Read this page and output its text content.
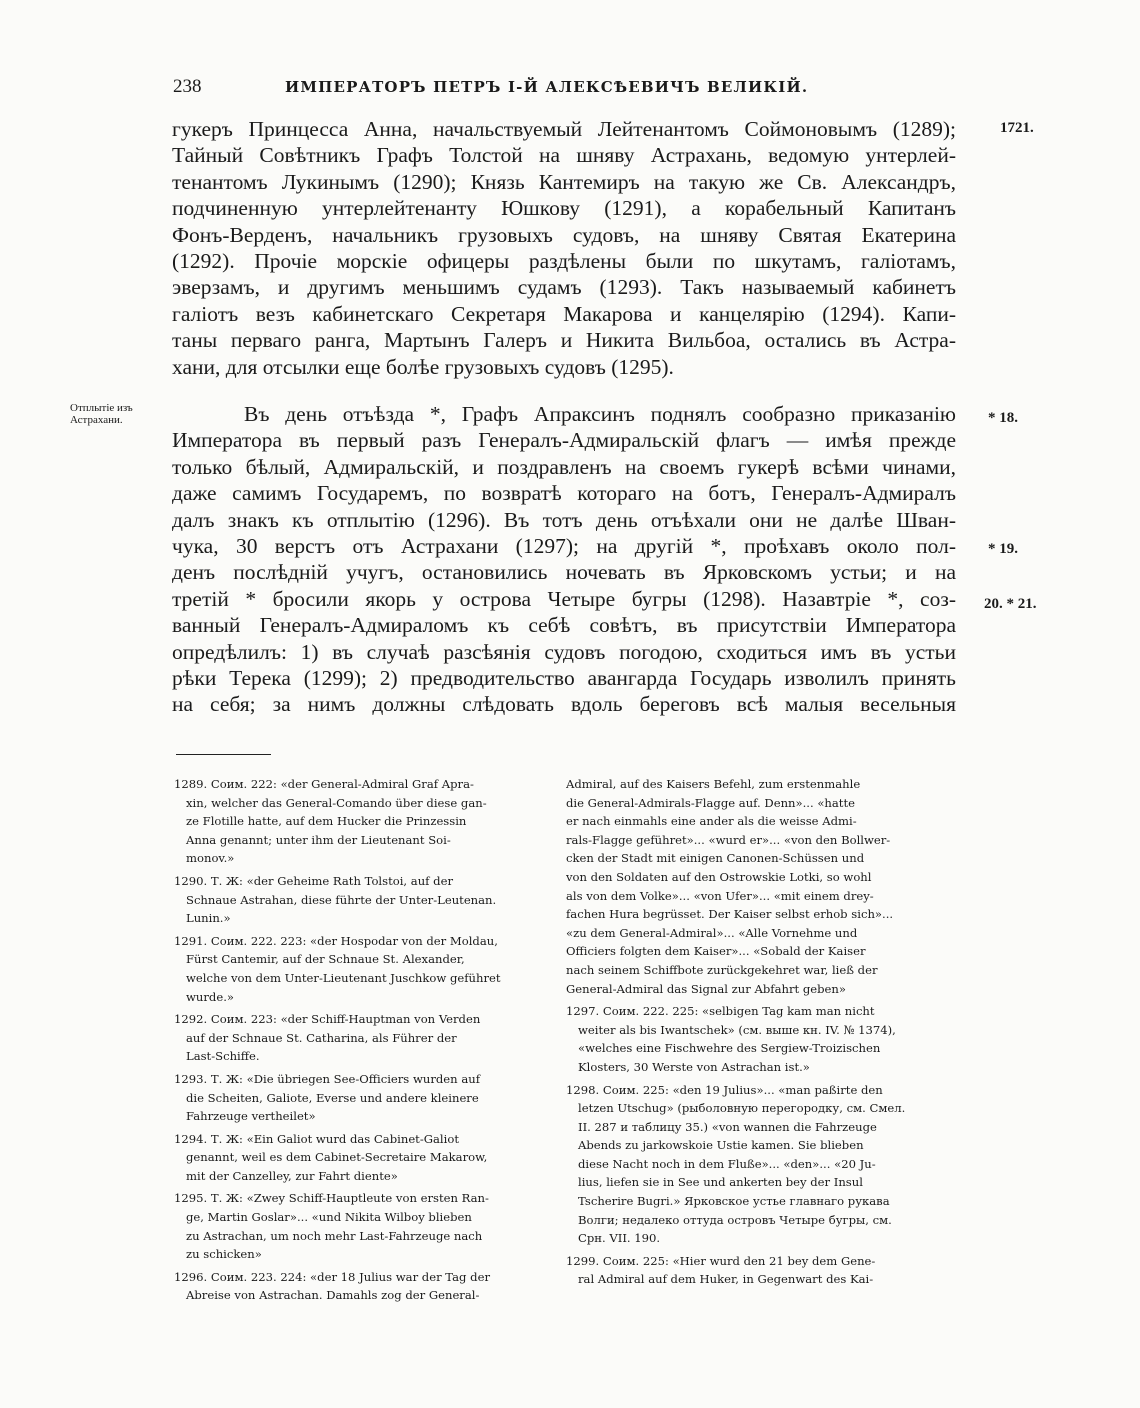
238	ИМПЕРАТОРЪ ПЕТРЪ I-Й АЛЕКСѢЕВИЧЪ ВЕЛИКІЙ.
1721.
* 18.
* 19.
20. * 21.
Отплытіе изъ
Астрахани.
гукеръ Принцесса Анна, начальствуемый Лейтенантомъ Соймоновымъ (1289);
Тайный Совѣтникъ Графъ Толстой на шняву Астрахань, ведомую унтерлей-
тенантомъ Лукинымъ (1290); Князь Кантемиръ на такую же Св. Александръ,
подчиненную унтерлейтенанту Юшкову (1291), а корабельный Капитанъ
Фонъ-Верденъ, начальникъ грузовыхъ судовъ, на шняву Святая Екатерина
(1292). Прочіе морскіе офицеры раздѣлены были по шкутамъ, галіотамъ,
эверзамъ, и другимъ меньшимъ судамъ (1293). Такъ называемый кабинетъ
галіотъ везъ кабинетскаго Секретаря Макарова и канцелярію (1294). Капи-
таны перваго ранга, Мартынъ Галеръ и Никита Вильбоа, остались въ Астра-
хани, для отсылки еще болѣе грузовыхъ судовъ (1295).
Въ день отъѣзда *, Графъ Апраксинъ поднялъ сообразно приказанію
Императора въ первый разъ Генералъ-Адмиральскій флагъ — имѣя прежде
только бѣлый, Адмиральскій, и поздравленъ на своемъ гукерѣ всѣми чинами,
даже самимъ Государемъ, по возвратѣ котораго на ботъ, Генералъ-Адмиралъ
далъ знакъ къ отплытію (1296). Въ тотъ день отъѣхали они не далѣе Шван-
чука, 30 верстъ отъ Астрахани (1297); на другій *, проѣхавъ около пол-
денъ послѣдній учугъ, остановились ночевать въ Ярковскомъ устьи; и на
третій * бросили якорь у острова Четыре бугры (1298). Назавтріе *, соз-
ванный Генералъ-Адмираломъ къ себѣ совѣтъ, въ присутствіи Императора
опредѣлилъ: 1) въ случаѣ разсѣянія судовъ погодою, сходиться имъ въ устьи
рѣки Терека (1299); 2) предводительство авангарда Государь изволилъ принять
на себя; за нимъ должны слѣдовать вдоль береговъ всѣ малыя весельныя
1289. Соим. 222: «der General-Admiral Graf Apra-
xin, welcher das General-Comando über diese gan-
ze Flotille hatte, auf dem Hucker die Prinzessin
Anna genannt; unter ihm der Lieutenant Soi-
monov.»
1290. Т. Ж: «der Geheime Rath Tolstoi, auf der
Schnaue Astrahan, diese führte der Unter-Leutenan.
Lunin.»
1291. Соим. 222. 223: «der Hospodar von der Moldau,
Fürst Cantemir, auf der Schnaue St. Alexander,
welche von dem Unter-Lieutenant Juschkow geführet
wurde.»
1292. Соим. 223: «der Schiff-Hauptman von Verden
auf der Schnaue St. Catharina, als Führer der
Last-Schiffe.
1293. Т. Ж: «Die übriegen See-Officiers wurden auf
die Scheiten, Galiote, Everse und andere kleinere
Fahrzeuge vertheilet»
1294. Т. Ж: «Ein Galiot wurd das Cabinet-Galiot
genannt, weil es dem Cabinet-Secretaire Makarow,
mit der Canzelley, zur Fahrt diente»
1295. Т. Ж: «Zwey Schiff-Hauptleute von ersten Ran-
ge, Martin Goslar»... «und Nikita Wilboy blieben
zu Astrachan, um noch mehr Last-Fahrzeuge nach
zu schicken»
1296. Соим. 223. 224: «der 18 Julius war der Tag der
Abreise von Astrachan. Damahls zog der General-
Admiral, auf des Kaisers Befehl, zum erstenmahle
die General-Admirals-Flagge auf. Denn»... «hatte
er nach einmahls eine ander als die weisse Admi-
rals-Flagge geführet»... «wurd er»... «von den Bollwer-
cken der Stadt mit einigen Canonen-Schüssen und
von den Soldaten auf den Ostrowskie Lotki, so wohl
als von dem Volke»... «von Ufer»... «mit einem drey-
fachen Hura begrüsset. Der Kaiser selbst erhob sich»...
«zu dem General-Admiral»... «Alle Vornehme und
Officiers folgten dem Kaiser»... «Sobald der Kaiser
nach seinem Schiffbote zurückgekehret war, ließ der
General-Admiral das Signal zur Abfahrt geben»
1297. Соим. 222. 225: «selbigen Tag kam man nicht
weiter als bis Iwantschek» (см. выше кн. IV. № 1374),
«welches eine Fischwehre des Sergiew-Troizischen
Klosters, 30 Werste von Astrachan ist.»
1298. Соим. 225: «den 19 Julius»... «man paßirte den
letzen Utschug» (рыболовную перегородку, см. Смел.
II. 287 и таблицу 35.) «von wannen die Fahrzeuge
Abends zu jarkowskoie Ustie kamen. Sie blieben
diese Nacht noch in dem Fluße»... «den»... «20 Ju-
lius, liefen sie in See und ankerten bey der Insul
Tscherire Bugri.» Ярковское устье главнаго рукава
Волги; недалеко оттуда островъ Четыре бугры, см.
Срн. VII. 190.
1299. Соим. 225: «Hier wurd den 21 bey dem Gene-
ral Admiral auf dem Huker, in Gegenwart des Kai-
